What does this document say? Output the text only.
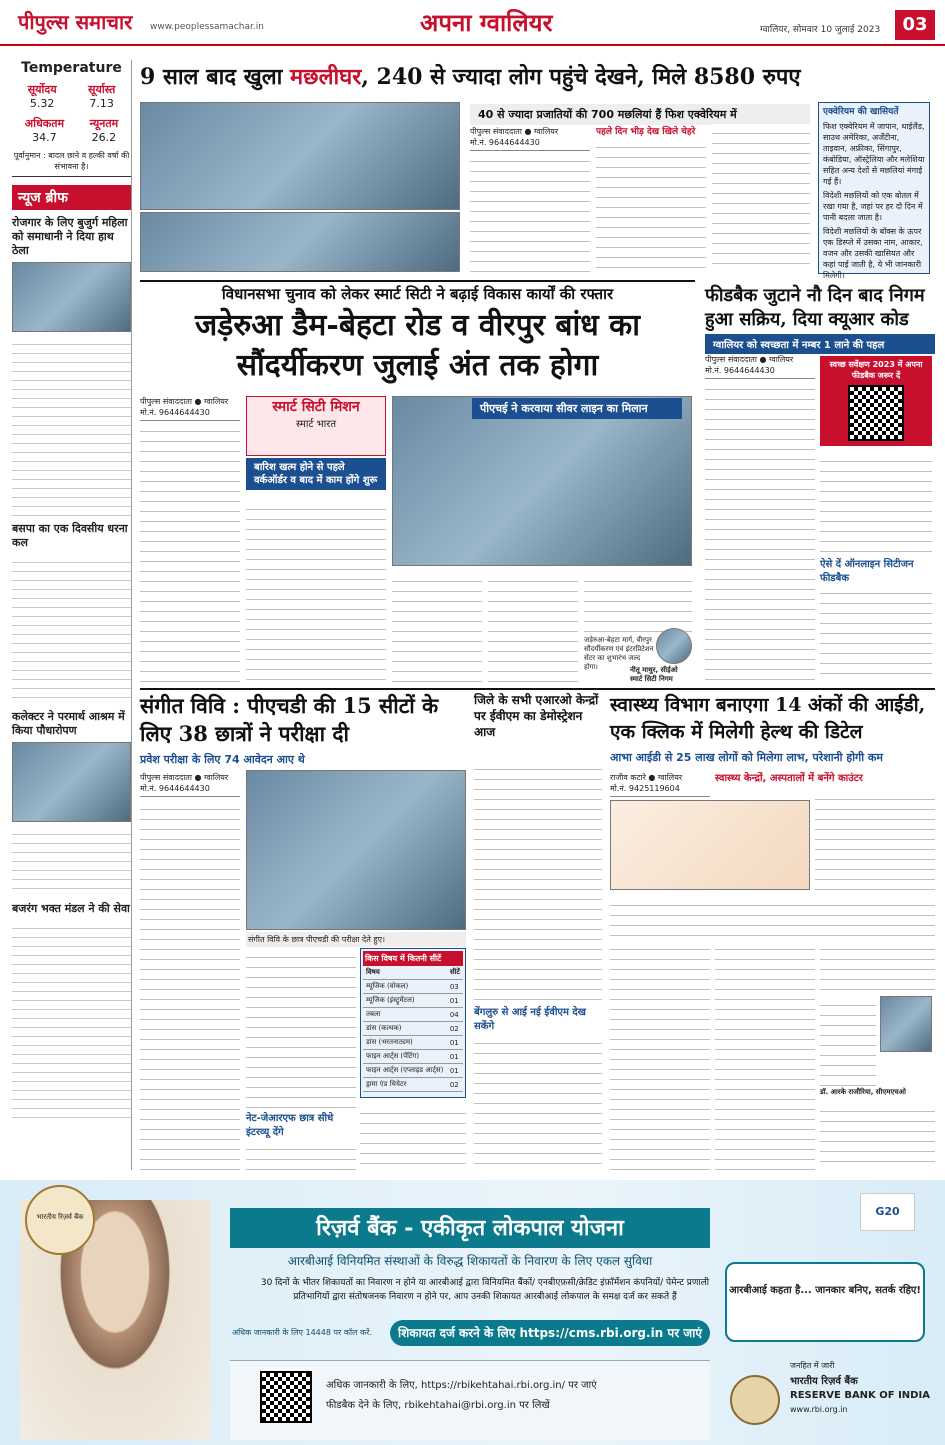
पीपुल्स समाचार www.peoplessamachar.in	अपना ग्वालियर	ग्वालियर, सोमवार 10 जुलाई 2023	03
Temperature
सूर्योदय
5.32
सूर्यास्त
7.13
अधिकतम
34.7
न्यूनतम
26.2
पूर्वानुमान : बादल छाने व हल्की वर्षा की संभावना है।
न्यूज ब्रीफ
रोजगार के लिए बुजुर्ग महिला को समाधानी ने दिया हाथ ठेला
बसपा का एक दिवसीय धरना कल
कलेक्टर ने परमार्थ आश्रम में किया पौधारोपण
बजरंग भक्त मंडल ने की सेवा
9 साल बाद खुला मछलीघर, 240 से ज्यादा लोग पहुंचे देखने, मिले 8580 रुपए
40 से ज्यादा प्रजातियों की 700 मछलियां हैं फिश एक्वेरियम में
पीपुल्स संवाददाता ● ग्वालियर
मो.नं. 9644644430
पहले दिन भीड़ देख खिले चेहरे
एक्वेरियम की खासियतें
फिश एक्वेरियम में जापान, थाईलैंड, साउथ अमेरिका, अर्जेंटीना, ताइवान, अफ्रीका, सिंगापुर, कंबोडिया, ऑस्ट्रेलिया और मलेशिया सहित अन्य देशों से मछलियां मंगाई गई हैं।
विदेशी मछलियों को एक बोतल में रखा गया है, जहां पर हर दो दिन में पानी बदला जाता है।
विदेशी मछलियों के बॉक्स के ऊपर एक डिस्प्ले में उसका नाम, आकार, वजन और उसकी खासियत और कहां पाई जाती है, ये भी जानकारी मिलेगी।
विधानसभा चुनाव को लेकर स्मार्ट सिटी ने बढ़ाई विकास कार्यों की रफ्तार
जड़ेरुआ डैम-बेहटा रोड व वीरपुर बांध का सौंदर्यीकरण जुलाई अंत तक होगा
पीपुल्स संवाददाता ● ग्वालियर
मो.नं. 9644644430	स्मार्ट सिटी मिशन
स्मार्ट भारत
बारिश खत्म होने से पहले वर्कऑर्डर व बाद में काम होंगे शुरू
पीएचई ने करवाया सीवर लाइन का मिलान
जड़ेरुआ-बेहटा मार्ग, वीरपुर सौंदर्यीकरण एवं इंटरप्रिटेशन सेंटर का शुभारंभ जल्द होगा।	नीतू माथुर, सीईओ स्मार्ट सिटी निगम
फीडबैक जुटाने नौ दिन बाद निगम हुआ सक्रिय, दिया क्यूआर कोड
ग्वालियर को स्वच्छता में नम्बर 1 लाने की पहल
पीपुल्स संवाददाता ● ग्वालियर
मो.नं. 9644644430
स्वच्छ सर्वेक्षण 2023 में अपना फीडबैक जरूर दें
ऐसे दें ऑनलाइन सिटीजन फीडबैक
संगीत विवि : पीएचडी की 15 सीटों के लिए 38 छात्रों ने परीक्षा दी
प्रवेश परीक्षा के लिए 74 आवेदन आए थे
पीपुल्स संवाददाता ● ग्वालियर
मो.नं. 9644644430
संगीत विवि के छात्र पीएचडी की परीक्षा देते हुए।
नेट-जेआरएफ छात्र सीधे इंटरव्यू देंगे
किस विषय में कितनी सीटें
विषय	सीटें
म्यूजिक (वोकल)	03
म्यूजिक (इंस्ट्रूमेंटल)	01
तबला	04
डांस (कत्थक)	02
डांस (भरतनाट्यम)	01
फाइन आर्ट्स (पेंटिंग)	01
फाइन आर्ट्स (एप्लाइड आर्ट्स)	01
ड्रामा एंड थियेटर	02
जिले के सभी एआरओ केन्द्रों पर ईवीएम का डेमोस्ट्रेशन आज
बेंगलुरु से आई नई ईवीएम देख सकेंगे
स्वास्थ्य विभाग बनाएगा 14 अंकों की आईडी, एक क्लिक में मिलेगी हेल्थ की डिटेल
आभा आईडी से 25 लाख लोगों को मिलेगा लाभ, परेशानी होगी कम
राजीव कटारे ● ग्वालियर
मो.नं. 9425119604
स्वास्थ्य केन्द्रों, अस्पतालों में बनेंगे काउंटर
डॉ. आरके राजौरिया, सीएमएचओ
भारतीय रिज़र्व बैंक	रिज़र्व बैंक - एकीकृत लोकपाल योजना
आरबीआई विनियमित संस्थाओं के विरुद्ध शिकायतों के निवारण के लिए एकल सुविधा
G20
30 दिनों के भीतर शिकायतों का निवारण न होने या आरबीआई द्वारा विनियमित बैंकों/ एनबीएफ़सी/क्रेडिट इंफ़ॉर्मेशन कंपनियों/ पेमेन्ट प्रणाली प्रतिभागियों द्वारा संतोषजनक निवारण न होने पर, आप उनकी शिकायत आरबीआई लोकपाल के समक्ष दर्ज कर सकते हैं
अधिक जानकारी के लिए 14448 पर कॉल करें.	शिकायत दर्ज करने के लिए https://cms.rbi.org.in पर जाएं
आरबीआई कहता है... जानकार बनिए, सतर्क रहिए!
अधिक जानकारी के लिए, https://rbikehtahai.rbi.org.in/ पर जाएं
फीडबैक देने के लिए, rbikehtahai@rbi.org.in पर लिखें
जनहित में जारी
भारतीय रिज़र्व बैंक
RESERVE BANK OF INDIA
www.rbi.org.in
